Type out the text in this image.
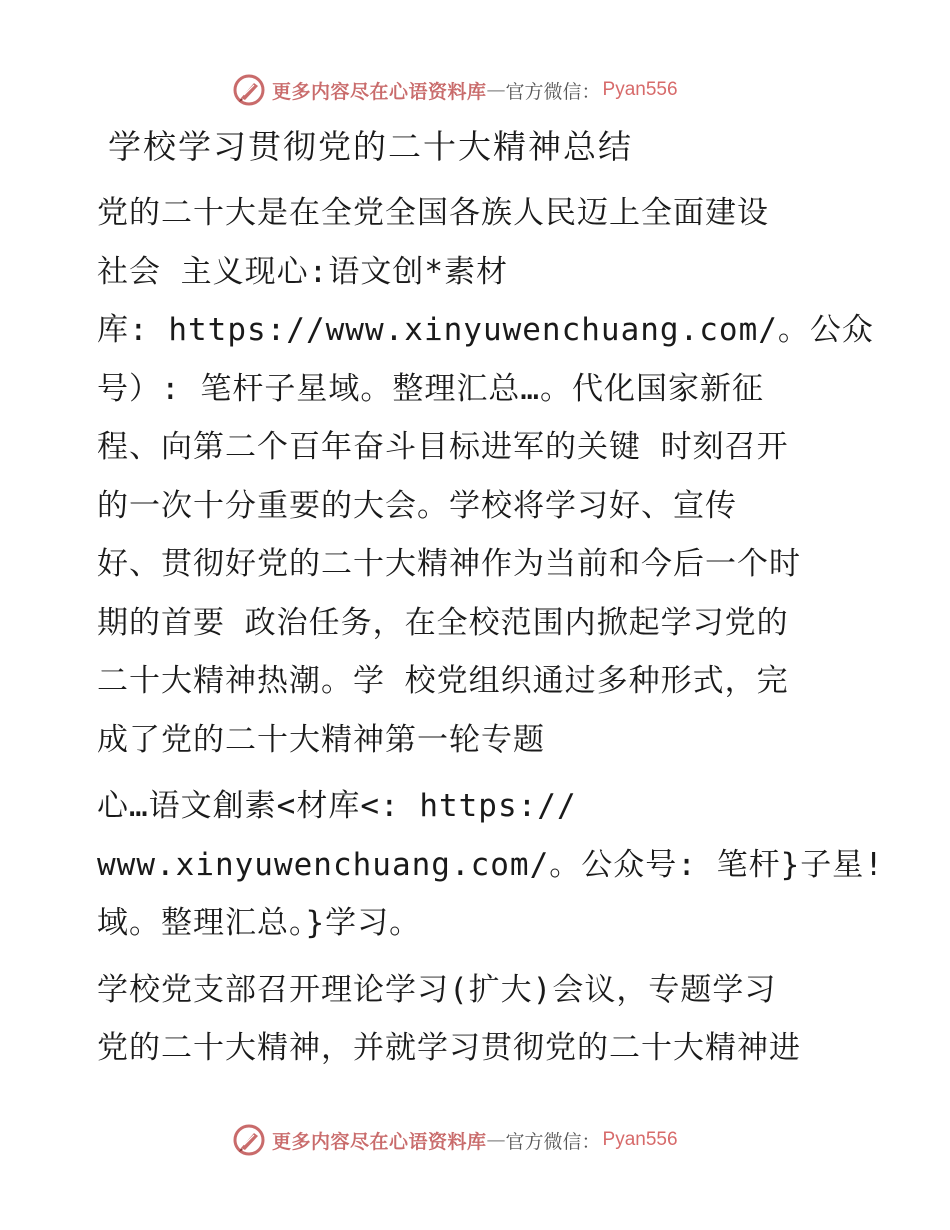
更多内容尽在心语资料库 — 官方微信： Pyan556
学校学习贯彻党的二十大精神总结

党的二十大是在全党全国各族人民迈上全面建设
社会 主义现心:语文创*素材
库: https://www.xinyuwenchuang.com/。公众
号）: 笔杆子星域。整理汇总…。代化国家新征
程、向第二个百年奋斗目标进军的关键 时刻召开
的一次十分重要的大会。学校将学习好、宣传
好、贯彻好党的二十大精神作为当前和今后一个时
期的首要 政治任务，在全校范围内掀起学习党的
二十大精神热潮。学 校党组织通过多种形式，完
成了党的二十大精神第一轮专题

心…语文創素<材库<: https://
www.xinyuwenchuang.com/。公众号: 笔杆}子星!
域。整理汇总。}学习。

学校党支部召开理论学习(扩大)会议，专题学习
党的二十大精神，并就学习贯彻党的二十大精神进

更多内容尽在心语资料库 — 官方微信： Pyan556
